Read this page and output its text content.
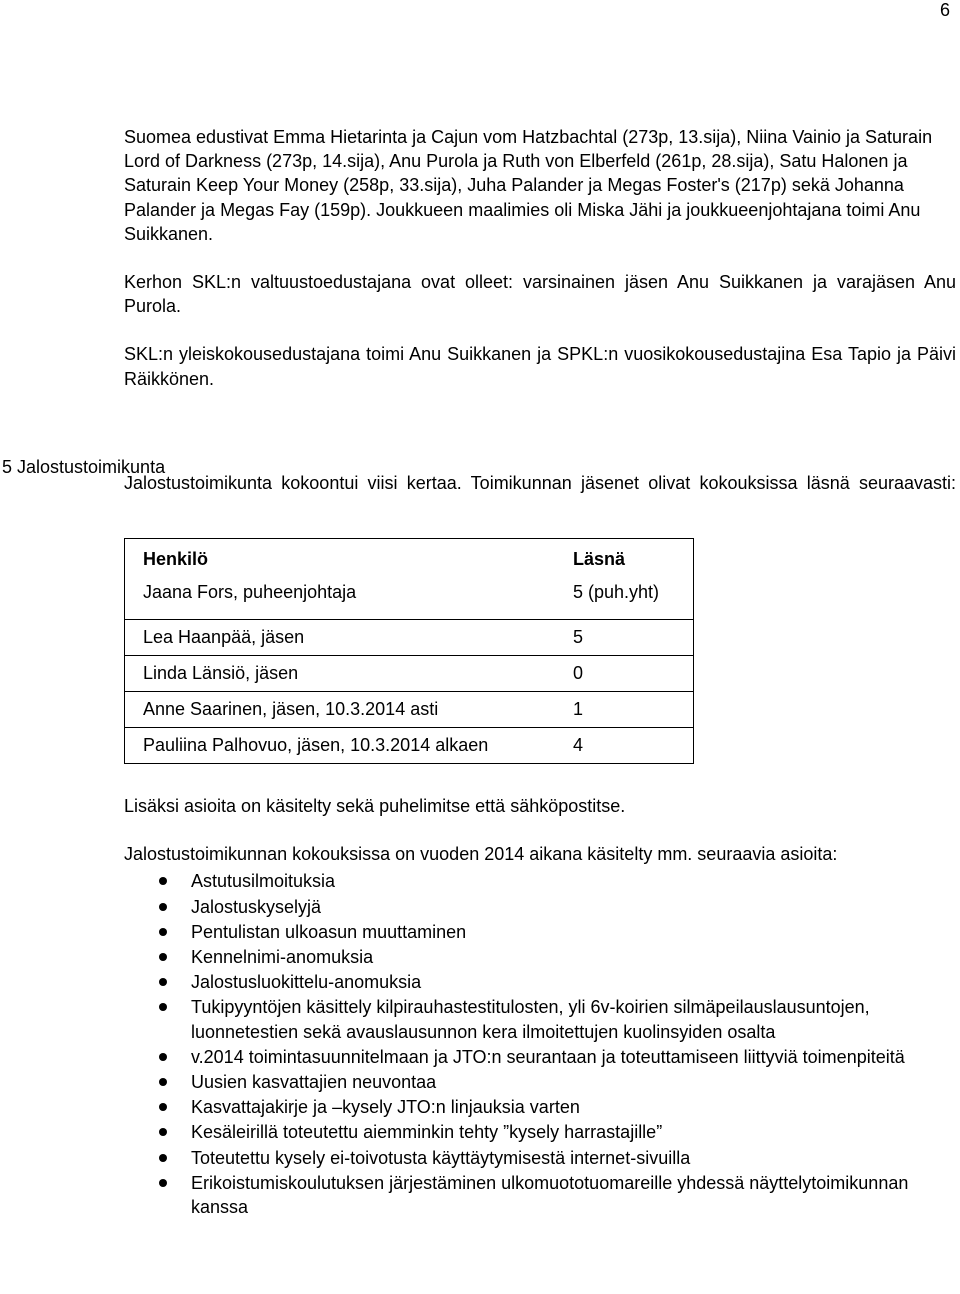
6
5 Jalostustoimikunta

Suomea edustivat Emma Hietarinta ja Cajun vom Hatzbachtal (273p, 13.sija), Niina Vainio ja Saturain Lord of Darkness (273p, 14.sija), Anu Purola ja Ruth von Elberfeld (261p, 28.sija), Satu Halonen ja Saturain Keep Your Money (258p, 33.sija), Juha Palander ja Megas Foster's (217p) sekä Johanna Palander ja Megas Fay (159p). Joukkueen maalimies oli Miska Jähi ja joukkueenjohtajana toimi Anu Suikkanen.

Kerhon SKL:n valtuustoedustajana ovat olleet: varsinainen jäsen Anu Suikkanen ja varajäsen Anu Purola.

SKL:n yleiskokousedustajana toimi Anu Suikkanen ja SPKL:n vuosikokousedustajina Esa Tapio ja Päivi Räikkönen.

Jalostustoimikunta kokoontui viisi kertaa. Toimikunnan jäsenet olivat kokouksissa läsnä seuraavasti:

Henkilö	Läsnä
Jaana Fors, puheenjohtaja	5 (puh.yht)

Lea Haanpää, jäsen	5
Linda Länsiö, jäsen	0
Anne Saarinen, jäsen, 10.3.2014 asti	1
Pauliina Palhovuo, jäsen, 10.3.2014 alkaen	4

Lisäksi asioita on käsitelty sekä puhelimitse että sähköpostitse.

Jalostustoimikunnan kokouksissa on vuoden 2014 aikana käsitelty mm. seuraavia asioita:

Astutusilmoituksia
Jalostuskyselyjä
Pentulistan ulkoasun muuttaminen
Kennelnimi-anomuksia
Jalostusluokittelu-anomuksia
Tukipyyntöjen käsittely kilpirauhastestitulosten, yli 6v-koirien silmäpeilauslausuntojen, luonnetestien sekä avauslausunnon kera ilmoitettujen kuolinsyiden osalta
v.2014 toimintasuunnitelmaan ja JTO:n seurantaan ja toteuttamiseen liittyviä toimenpiteitä
Uusien kasvattajien neuvontaa
Kasvattajakirje ja –kysely JTO:n linjauksia varten
Kesäleirillä toteutettu aiemminkin tehty ”kysely harrastajille”
Toteutettu kysely ei-toivotusta käyttäytymisestä internet-sivuilla
Erikoistumiskoulutuksen järjestäminen ulkomuototuomareille yhdessä näyttelytoimikunnan kanssa
